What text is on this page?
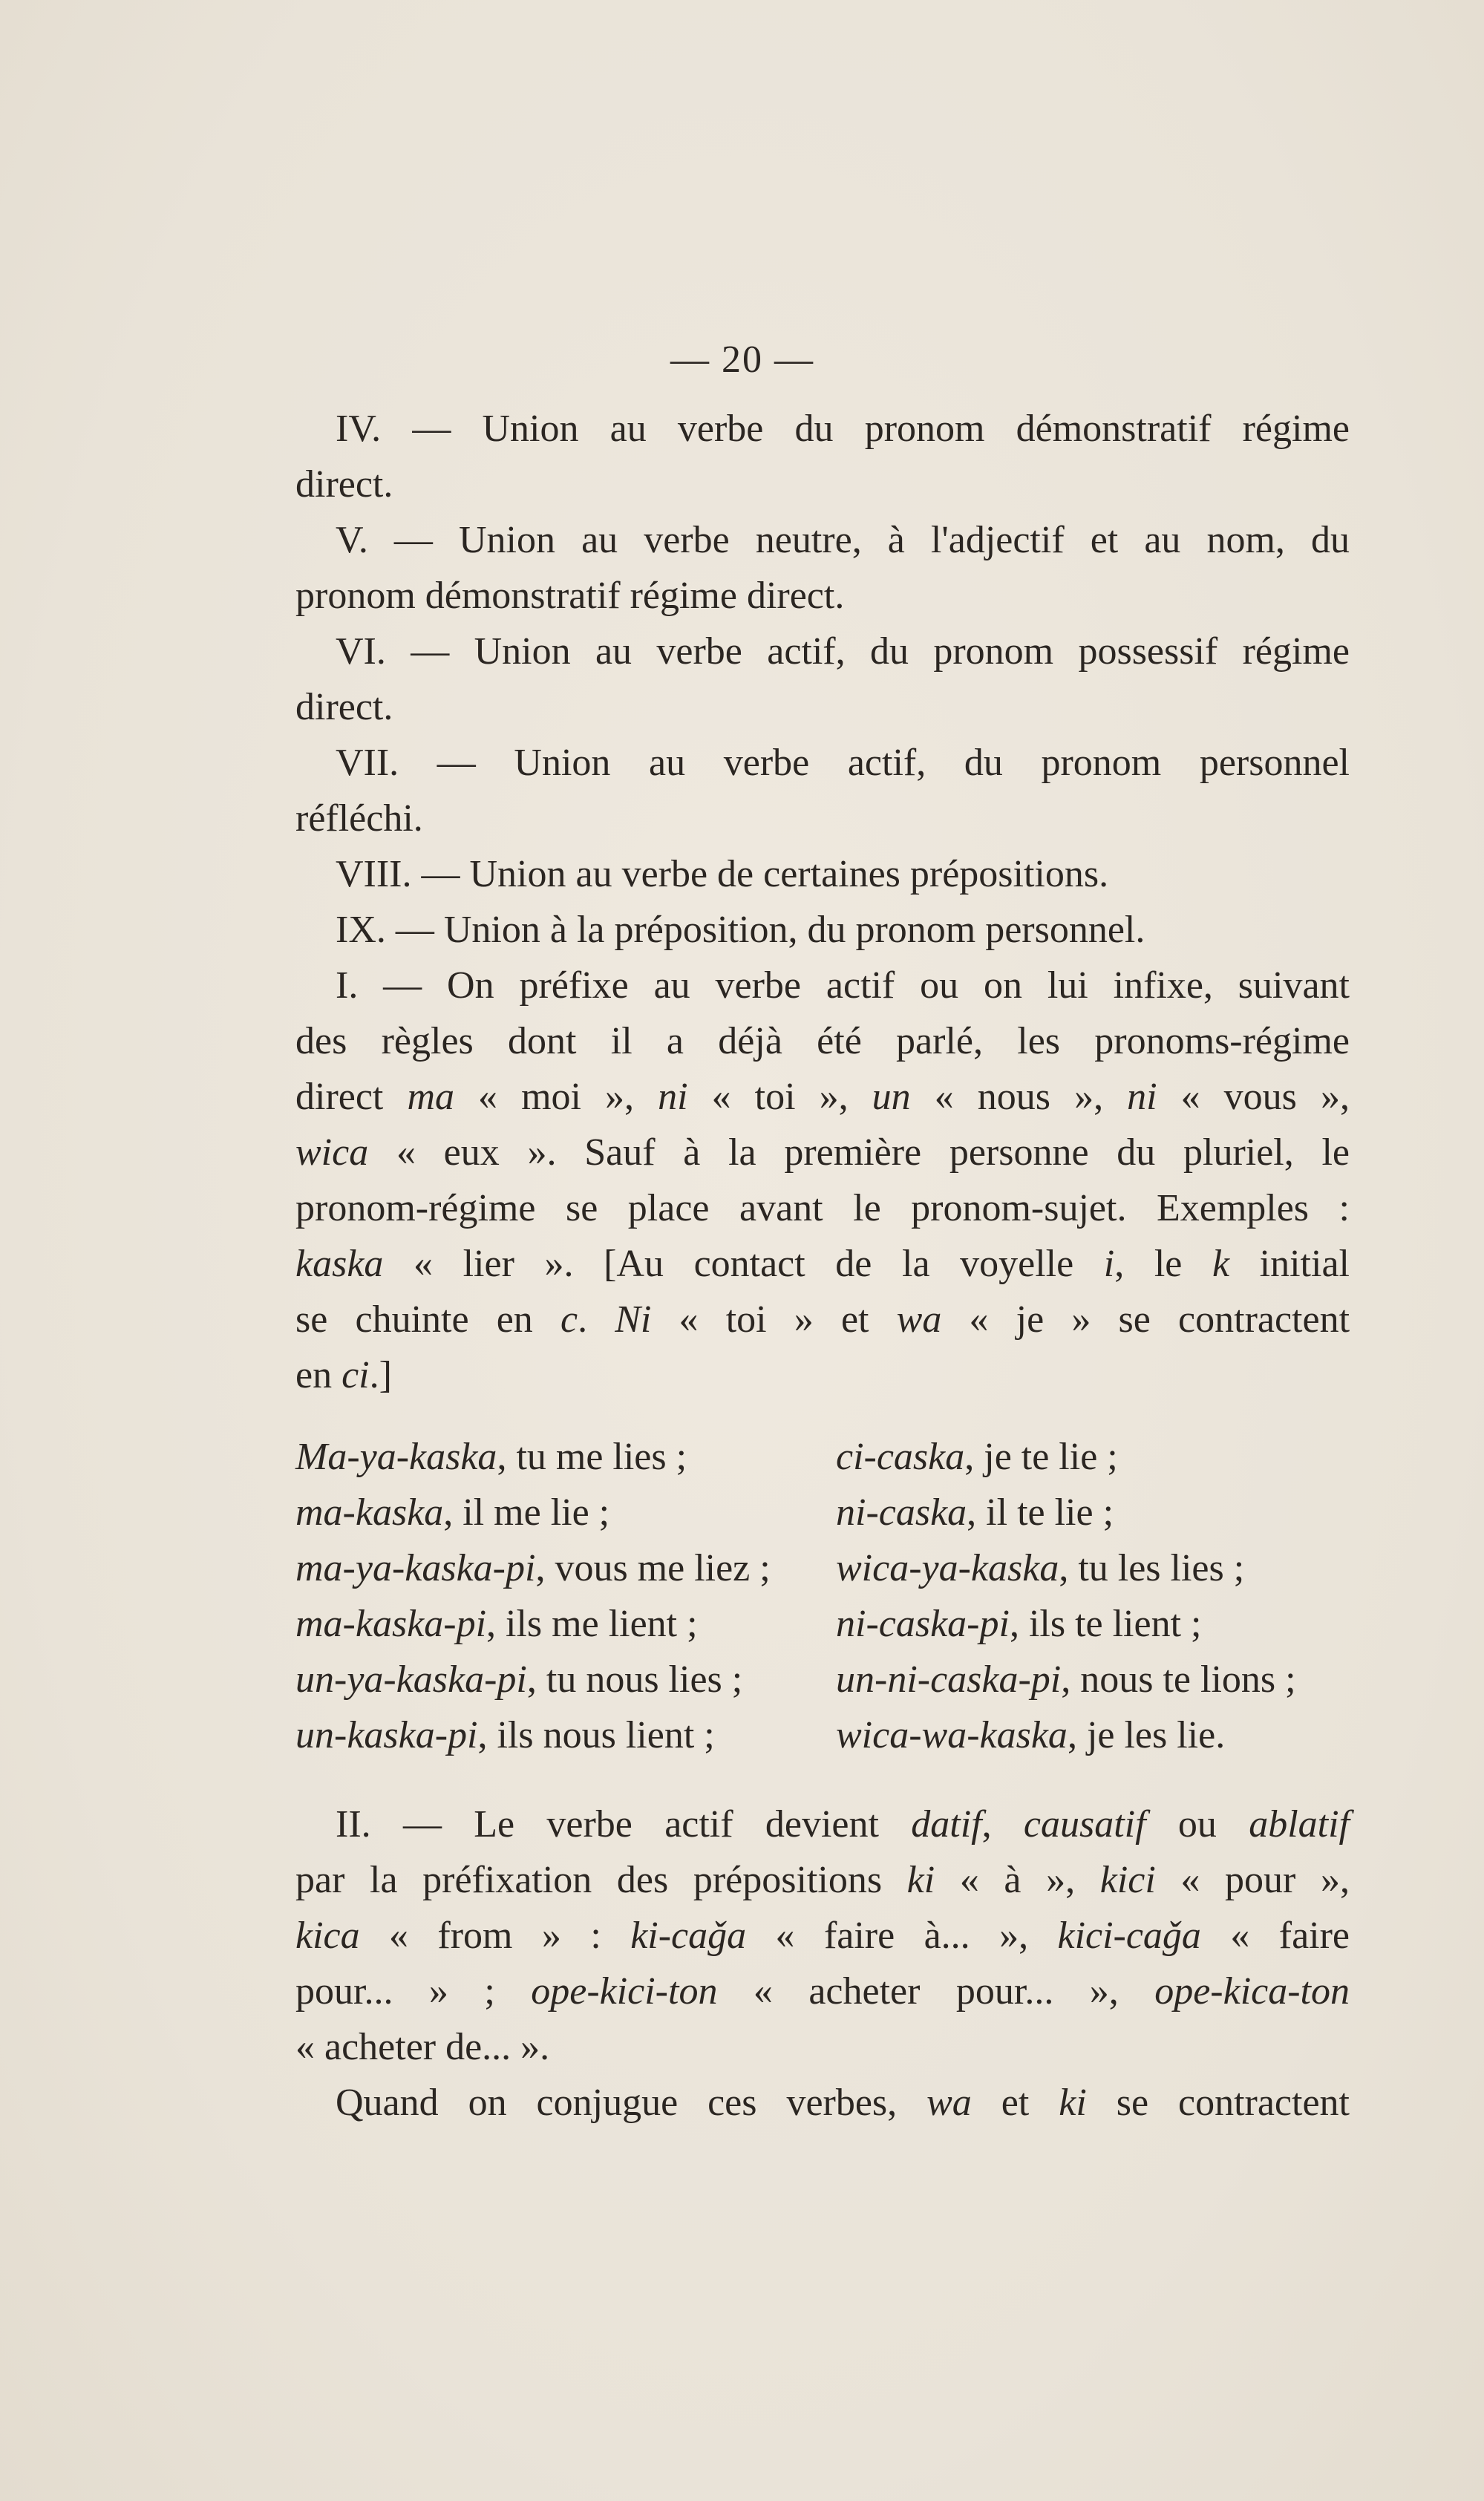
— 20 —
IV. — Union au verbe du pronom démonstratif régime
direct.
V. — Union au verbe neutre, à l'adjectif et au nom, du
pronom démonstratif régime direct.
VI. — Union au verbe actif, du pronom possessif régime
direct.
VII. — Union au verbe actif, du pronom personnel
réfléchi.
VIII. — Union au verbe de certaines prépositions.
IX. — Union à la préposition, du pronom personnel.
I. — On préfixe au verbe actif ou on lui infixe, suivant
des règles dont il a déjà été parlé, les pronoms-régime
direct ma « moi », ni « toi », un « nous », ni « vous »,
wica « eux ». Sauf à la première personne du pluriel, le
pronom-régime se place avant le pronom-sujet. Exemples :
kaska « lier ». [Au contact de la voyelle i, le k initial
se chuinte en c. Ni « toi » et wa « je » se contractent
en ci.]
Ma-ya-kaska, tu me lies ;	ci-caska, je te lie ;
ma-kaska, il me lie ;	ni-caska, il te lie ;
ma-ya-kaska-pi, vous me liez ;	wica-ya-kaska, tu les lies ;
ma-kaska-pi, ils me lient ;	ni-caska-pi, ils te lient ;
un-ya-kaska-pi, tu nous lies ;	un-ni-caska-pi, nous te lions ;
un-kaska-pi, ils nous lient ;	wica-wa-kaska, je les lie.
II. — Le verbe actif devient datif, causatif ou ablatif
par la préfixation des prépositions ki « à », kici « pour »,
kica « from » : ki-caǧa « faire à... », kici-caǧa « faire
pour... » ; ope-kici-ton « acheter pour... », ope-kica-ton
« acheter de... ».
Quand on conjugue ces verbes, wa et ki se contractent
